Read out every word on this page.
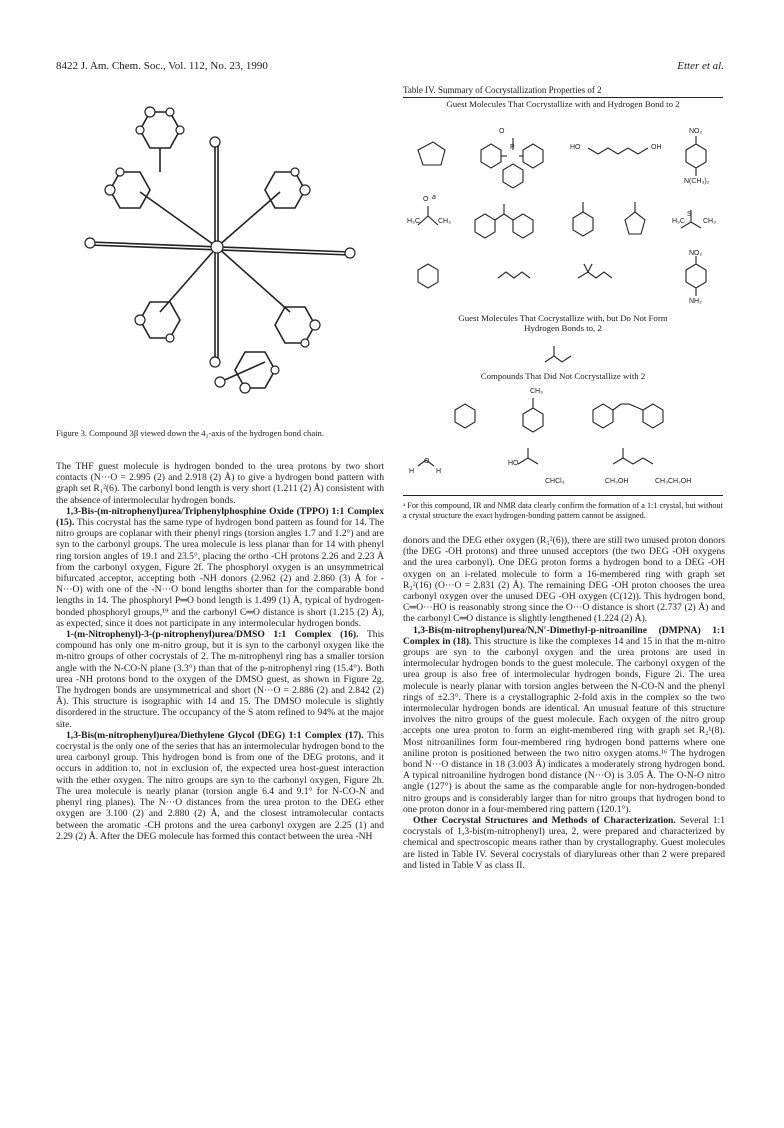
8422 J. Am. Chem. Soc., Vol. 112, No. 23, 1990	Etter et al.
Figure 3. Compound 3β viewed down the 4₂-axis of the hydrogen bond chain.
Table IV. Summary of Cocrystallization Properties of 2
Guest Molecules That Cocrystallize with and Hydrogen Bond to 2
O
P	HO	OH
NO₂
N(CH₃)₂
H₃C	CH₃
O a
H₃C	CH₃
S
NO₂
NH₂
Guest Molecules That Cocrystallize with, but Do Not Form Hydrogen Bonds to, 2
Compounds That Did Not Cocrystallize with 2
CH₃
H
O
H
HO
CHCl₃	CH₃OH	CH₃CH₂OH
ᵃ For this compound, IR and NMR data clearly confirm the formation of a 1:1 crystal, but without a crystal structure the exact hydrogen-bonding pattern cannot be assigned.

The THF guest molecule is hydrogen bonded to the urea protons by two short contacts (N···O = 2.995 (2) and 2.918 (2) Å) to give a hydrogen bond pattern with graph set R₁²(6). The carbonyl bond length is very short (1.211 (2) Å) consistent with the absence of intermolecular hydrogen bonds.

1,3-Bis-(m-nitrophenyl)urea/Triphenylphosphine Oxide (TPPO) 1:1 Complex (15). This cocrystal has the same type of hydrogen bond pattern as found for 14. The nitro groups are coplanar with their phenyl rings (torsion angles 1.7 and 1.2°) and are syn to the carbonyl groups. The urea molecule is less planar than for 14 with phenyl ring torsion angles of 19.1 and 23.5°, placing the ortho -CH protons 2.26 and 2.23 Å from the carbonyl oxygen, Figure 2f. The phosphoryl oxygen is an unsymmetrical bifurcated acceptor, accepting both -NH donors (2.962 (2) and 2.860 (3) Å for -N···O) with one of the -N···O bond lengths shorter than for the comparable bond lengths in 14. The phosphoryl P═O bond length is 1.499 (1) Å, typical of hydrogen-bonded phosphoryl groups,¹⁹ and the carbonyl C═O distance is short (1.215 (2) Å), as expected, since it does not participate in any intermolecular hydrogen bonds.

1-(m-Nitrophenyl)-3-(p-nitrophenyl)urea/DMSO 1:1 Complex (16). This compound has only one m-nitro group, but it is syn to the carbonyl oxygen like the m-nitro groups of other cocrystals of 2. The m-nitrophenyl ring has a smaller torsion angle with the N-CO-N plane (3.3°) than that of the p-nitrophenyl ring (15.4°). Both urea -NH protons bond to the oxygen of the DMSO guest, as shown in Figure 2g. The hydrogen bonds are unsymmetrical and short (N···O = 2.886 (2) and 2.842 (2) Å). This structure is isographic with 14 and 15. The DMSO molecule is slightly disordered in the structure. The occupancy of the S atom refined to 94% at the major site.

1,3-Bis(m-nitrophenyl)urea/Diethylene Glycol (DEG) 1:1 Complex (17). This cocrystal is the only one of the series that has an intermolecular hydrogen bond to the urea carbonyl group. This hydrogen bond is from one of the DEG protons, and it occurs in addition to, not in exclusion of, the expected urea host-guest interaction with the ether oxygen. The nitro groups are syn to the carbonyl oxygen, Figure 2h. The urea molecule is nearly planar (torsion angle 6.4 and 9.1° for N-CO-N and phenyl ring planes). The N···O distances from the urea proton to the DEG ether oxygen are 3.100 (2) and 2.880 (2) Å, and the closest intramolecular contacts between the aromatic -CH protons and the urea carbonyl oxygen are 2.25 (1) and 2.29 (2) Å. After the DEG molecule has formed this contact between the urea -NH

donors and the DEG ether oxygen (R₁²(6)), there are still two unused proton donors (the DEG -OH protons) and three unused acceptors (the two DEG -OH oxygens and the urea carbonyl). One DEG proton forms a hydrogen bond to a DEG -OH oxygen on an i-related molecule to form a 16-membered ring with graph set R₂²(16) (O···O = 2.831 (2) Å). The remaining DEG -OH proton chooses the urea carbonyl oxygen over the unused DEG -OH oxygen (C(12)). This hydrogen bond, C═O···HO is reasonably strong since the O···O distance is short (2.737 (2) Å) and the carbonyl C═O distance is slightly lengthened (1.224 (2) Å).

1,3-Bis(m-nitrophenyl)urea/N,N′-Dimethyl-p-nitroaniline (DMPNA) 1:1 Complex in (18). This structure is like the complexes 14 and 15 in that the m-nitro groups are syn to the carbonyl oxygen and the urea protons are used in intermolecular hydrogen bonds to the guest molecule. The carbonyl oxygen of the urea group is also free of intermolecular hydrogen bonds, Figure 2i. The urea molecule is nearly planar with torsion angles between the N-CO-N and the phenyl rings of ±2.3°. There is a crystallographic 2-fold axis in the complex so the two intermolecular hydrogen bonds are identical. An unusual feature of this structure involves the nitro groups of the guest molecule. Each oxygen of the nitro group accepts one urea proton to form an eight-membered ring with graph set R₂¹(8). Most nitroanilines form four-membered ring hydrogen bond patterns where one aniline proton is positioned between the two nitro oxygen atoms.¹⁶ The hydrogen bond N···O distance in 18 (3.003 Å) indicates a moderately strong hydrogen bond. A typical nitroaniline hydrogen bond distance (N···O) is 3.05 Å. The O-N-O nitro angle (127°) is about the same as the comparable angle for non-hydrogen-bonded nitro groups and is considerably larger than for nitro groups that hydrogen bond to one proton donor in a four-membered ring pattern (120.1°).

Other Cocrystal Structures and Methods of Characterization. Several 1:1 cocrystals of 1,3-bis(m-nitrophenyl) urea, 2, were prepared and characterized by chemical and spectroscopic means rather than by crystallography. Guest molecules are listed in Table IV. Several cocrystals of diarylureas other than 2 were prepared and listed in Table V as class II.
